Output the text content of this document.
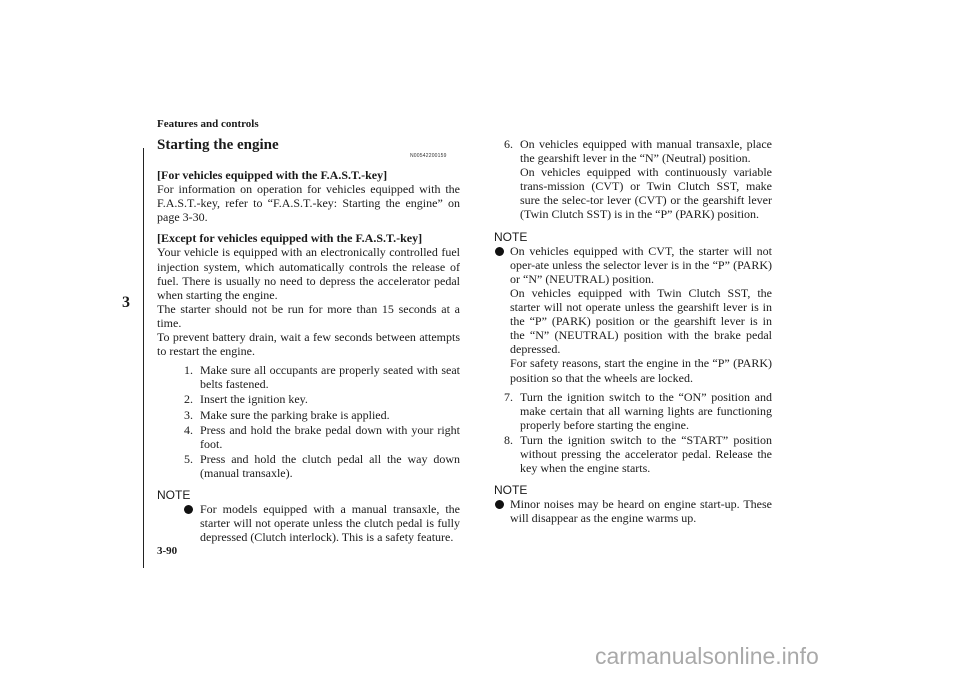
Features and controls
3
Starting the engine
N00542200159

[For vehicles equipped with the F.A.S.T.-key]

For information on operation for vehicles equipped with the F.A.S.T.-key, refer to “F.A.S.T.-key: Starting the engine” on page 3-30.

[Except for vehicles equipped with the F.A.S.T.-key]

Your vehicle is equipped with an electronically controlled fuel injection system, which automatically controls the release of fuel. There is usually no need to depress the accelerator pedal when starting the engine.

The starter should not be run for more than 15 seconds at a time.

To prevent battery drain, wait a few seconds between attempts to restart the engine.

1. Make sure all occupants are properly seated with seat belts fastened.
2. Insert the ignition key.
3. Make sure the parking brake is applied.
4. Press and hold the brake pedal down with your right foot.
5. Press and hold the clutch pedal all the way down (manual transaxle).
NOTE
For models equipped with a manual transaxle, the starter will not operate unless the clutch pedal is fully depressed (Clutch interlock). This is a safety feature.
6. On vehicles equipped with manual transaxle, place the gearshift lever in the “N” (Neutral) position.
On vehicles equipped with continuously variable trans-mission (CVT) or Twin Clutch SST, make sure the selec-tor lever (CVT) or the gearshift lever (Twin Clutch SST) is in the “P” (PARK) position.
NOTE
On vehicles equipped with CVT, the starter will not oper-ate unless the selector lever is in the “P” (PARK) or “N” (NEUTRAL) position.
On vehicles equipped with Twin Clutch SST, the starter will not operate unless the gearshift lever is in the “P” (PARK) position or the gearshift lever is in the “N” (NEUTRAL) position with the brake pedal depressed.
For safety reasons, start the engine in the “P” (PARK) position so that the wheels are locked.
7. Turn the ignition switch to the “ON” position and make certain that all warning lights are functioning properly before starting the engine.
8. Turn the ignition switch to the “START” position without pressing the accelerator pedal. Release the key when the engine starts.
NOTE
Minor noises may be heard on engine start-up. These will disappear as the engine warms up.
3-90
carmanualsonline.info
